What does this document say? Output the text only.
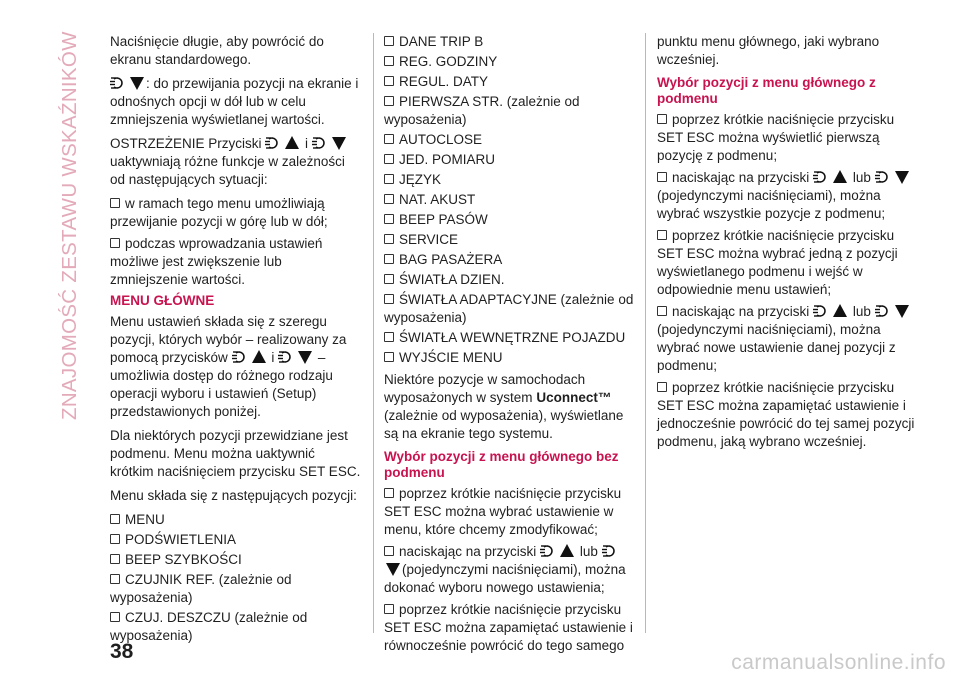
ZNAJOMOŚĆ ZESTAWU WSKAŹNIKÓW	Naciśnięcie długie, aby powrócić do ekranu standardowego.

: do przewijania pozycji na ekranie i odnośnych opcji w dół lub w celu zmniejszenia wyświetlanej wartości.

OSTRZEŻENIE Przyciski	i  uaktywniają różne funkcje w zależności od następujących sytuacji:

w ramach tego menu umożliwiają przewijanie pozycji w górę lub w dół;
podczas wprowadzania ustawień możliwe jest zwiększenie lub zmniejszenie wartości.
MENU GŁÓWNE

Menu ustawień składa się z szeregu pozycji, których wybór – realizowany za pomocą przycisków	i	– umożliwia dostęp do różnego rodzaju operacji wyboru i ustawień (Setup) przedstawionych poniżej.

Dla niektórych pozycji przewidziane jest podmenu. Menu można uaktywnić krótkim naciśnięciem przycisku SET ESC.

Menu składa się z następujących pozycji:

MENU
PODŚWIETLENIA
BEEP SZYBKOŚCI
CZUJNIK REF. (zależnie od wyposażenia)
CZUJ. DESZCZU (zależnie od wyposażenia)
DANE TRIP B
REG. GODZINY
REGUL. DATY
PIERWSZA STR. (zależnie od wyposażenia)
AUTOCLOSE
JED. POMIARU
JĘZYK
NAT. AKUST
BEEP PASÓW
SERVICE
BAG PASAŻERA
ŚWIATŁA DZIEN.
ŚWIATŁA ADAPTACYJNE (zależnie od wyposażenia)
ŚWIATŁA WEWNĘTRZNE POJAZDU
WYJŚCIE MENU

Niektóre pozycje w samochodach wyposażonych w system Uconnect™ (zależnie od wyposażenia), wyświetlane są na ekranie tego systemu.

Wybór pozycji z menu głównego bez podmenu
poprzez krótkie naciśnięcie przycisku SET ESC można wybrać ustawienie w menu, które chcemy zmodyfikować;
naciskając na przyciski	lub (pojedynczymi naciśnięciami), można dokonać wyboru nowego ustawienia;
poprzez krótkie naciśnięcie przycisku SET ESC można zapamiętać ustawienie i równocześnie powrócić do tego samego

punktu menu głównego, jaki wybrano wcześniej.

Wybór pozycji z menu głównego z podmenu
poprzez krótkie naciśnięcie przycisku SET ESC można wyświetlić pierwszą pozycję z podmenu;
naciskając na przyciski	lub (pojedynczymi naciśnięciami), można wybrać wszystkie pozycje z podmenu;
poprzez krótkie naciśnięcie przycisku SET ESC można wybrać jedną z pozycji wyświetlanego podmenu i wejść w odpowiednie menu ustawień;
naciskając na przyciski	lub (pojedynczymi naciśnięciami), można wybrać nowe ustawienie danej pozycji z podmenu;
poprzez krótkie naciśnięcie przycisku SET ESC można zapamiętać ustawienie i jednocześnie powrócić do tej samej pozycji podmenu, jaką wybrano wcześniej.
38	carmanualsonline.info
